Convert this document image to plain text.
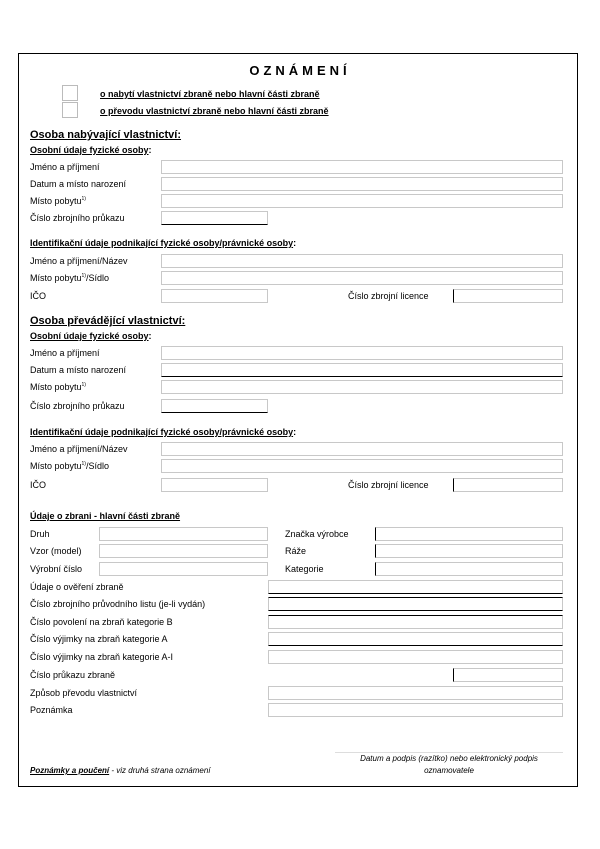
OZNÁMENÍ
o nabytí vlastnictví zbraně nebo hlavní části zbraně
o převodu vlastnictví zbraně nebo hlavní části zbraně
Osoba nabývající vlastnictví:
Osobní údaje fyzické osoby:
Jméno a příjmení
Datum a místo narození
Místo pobytu$^{1)}$
Číslo zbrojního průkazu
Identifikační údaje podnikající fyzické osoby/právnické osoby:
Jméno a příjmení/Název
Místo pobytu$^{1)}$/Sídlo
IČO	Číslo zbrojní licence
Osoba převádějící vlastnictví:
Osobní údaje fyzické osoby:
Jméno a příjmení
Datum a místo narození
Místo pobytu$^{1)}$
Číslo zbrojního průkazu
Identifikační údaje podnikající fyzické osoby/právnické osoby:
Jméno a příjmení/Název
Místo pobytu$^{1)}$/Sídlo
IČO	Číslo zbrojní licence
Údaje o zbrani - hlavní části zbraně
Druh	Značka výrobce
Vzor (model)	Ráže
Výrobní číslo	Kategorie
Údaje o ověření zbraně
Číslo zbrojního průvodního listu (je-li vydán)
Číslo povolení na zbraň kategorie B
Číslo výjimky na zbraň kategorie A
Číslo výjimky na zbraň kategorie A-I
Číslo průkazu zbraně
Způsob převodu vlastnictví
Poznámka
Datum a podpis (razítko) nebo elektronický podpis oznamovatele
Poznámky a poučení - viz druhá strana oznámení
